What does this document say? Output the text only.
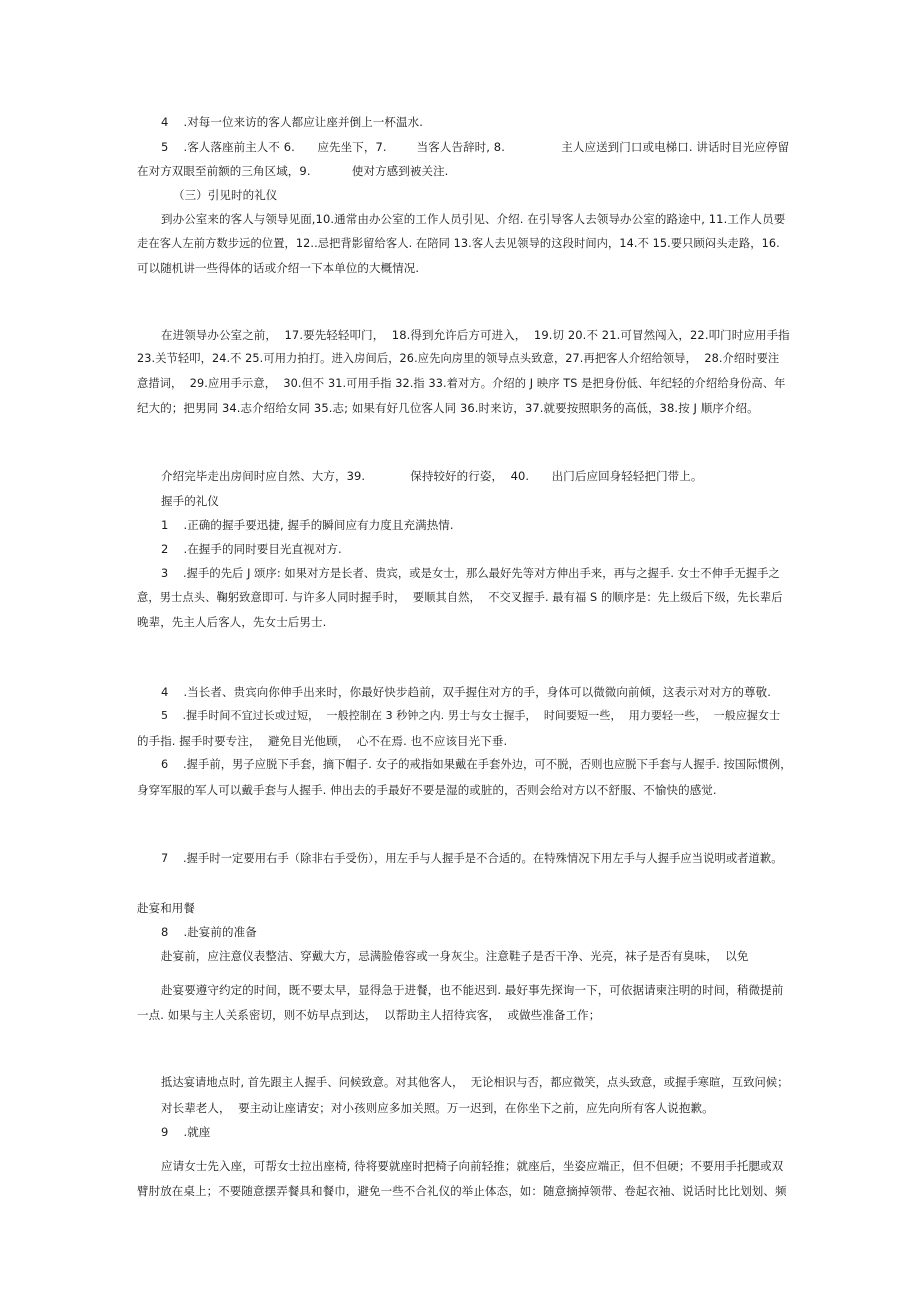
4    .对每一位来访的客人都应让座并倒上一杯温水.
5    .客人落座前主人不 6.      应先坐下，7.        当客人告辞时, 8.               主人应送到门口或电梯口. 讲话时目光应停留
在对方双眼至前额的三角区域，9.           使对方感到被关注.
（三）引见时的礼仪
到办公室来的客人与领导见面,10.通常由办公室的工作人员引见、介绍. 在引导客人去领导办公室的路途中, 11.工作人员要
走在客人左前方数步远的位置，12..忌把背影留给客人. 在陪同 13.客人去见领导的这段时间内，14.不 15.要只顾闷头走路，16.
可以随机讲一些得体的话或介绍一下本单位的大概情况.
在进领导办公室之前，  17.要先轻轻叩门，  18.得到允许后方可进入，  19.切 20.不 21.可冒然闯入，22.叩门时应用手指
23.关节轻叩，24.不 25.可用力拍打。进入房间后，26.应先向房里的领导点头致意，27.再把客人介绍给领导，  28.介绍时要注
意措词，  29.应用手示意，  30.但不 31.可用手指 32.指 33.着对方。介绍的 J 映序 TS 是把身份低、年纪轻的介绍给身份高、年
纪大的；把男同 34.志介绍给女同 35.志; 如果有好几位客人同 36.时来访，37.就要按照职务的高低，38.按 J 顺序介绍。
介绍完毕走出房间时应自然、大方，39.            保持较好的行姿，  40.      出门后应回身轻轻把门带上。
握手的礼仪
1    .正确的握手要迅捷, 握手的瞬间应有力度且充满热情.
2    .在握手的同时要目光直视对方.
3    .握手的先后 J 颂序: 如果对方是长者、贵宾，或是女士，那么最好先等对方伸出手来，再与之握手. 女士不伸手无握手之
意，男士点头、鞠躬致意即可. 与许多人同时握手时，  要顺其自然，  不交叉握手. 最有福 S 的顺序是：先上级后下级，先长辈后
晚辈，先主人后客人，先女士后男士.
4    .当长者、贵宾向你伸手出来时，你最好快步趋前，双手握住对方的手，身体可以微微向前倾，这表示对对方的尊敬.
5    .握手时间不宜过长或过短，  一般控制在 3 秒钟之内. 男士与女士握手，  时间要短一些，  用力要轻一些，  一般应握女士
的手指. 握手时要专注，  避免目光他顾，  心不在焉. 也不应该目光下垂.
6    .握手前，男子应脱下手套，摘下帽子. 女子的戒指如果戴在手套外边，可不脱，否则也应脱下手套与人握手. 按国际惯例，
身穿军服的军人可以戴手套与人握手. 伸出去的手最好不要是湿的或脏的，否则会给对方以不舒服、不愉快的感觉.
7    .握手时一定要用右手（除非右手受伤），用左手与人握手是不合适的。在特殊情况下用左手与人握手应当说明或者道歉。
赴宴和用餐
8    .赴宴前的准备
赴宴前，应注意仪表整洁、穿戴大方，忌满脸倦容或一身灰尘。注意鞋子是否干净、光亮，袜子是否有臭味，  以免
赴宴要遵守约定的时间，既不要太早，显得急于进餐，也不能迟到. 最好事先探询一下，可依据请柬注明的时间，稍微提前
一点. 如果与主人关系密切，则不妨早点到达，  以帮助主人招待宾客，  或做些准备工作；
抵达宴请地点时, 首先跟主人握手、问候致意。对其他客人，  无论相识与否，都应微笑，点头致意，或握手寒暄，互致问候；
对长辈老人，  要主动让座请安；对小孩则应多加关照。万一迟到，在你坐下之前，应先向所有客人说抱歉。
9    .就座
应请女士先入座，可帮女士拉出座椅, 待将要就座时把椅子向前轻推；就座后，坐姿应端正，但不但硬；不要用手托腮或双
臂肘放在桌上；不要随意摆弄餐具和餐巾，避免一些不合礼仪的举止体态，如：随意摘掉领带、卷起衣袖、说话时比比划划、频
